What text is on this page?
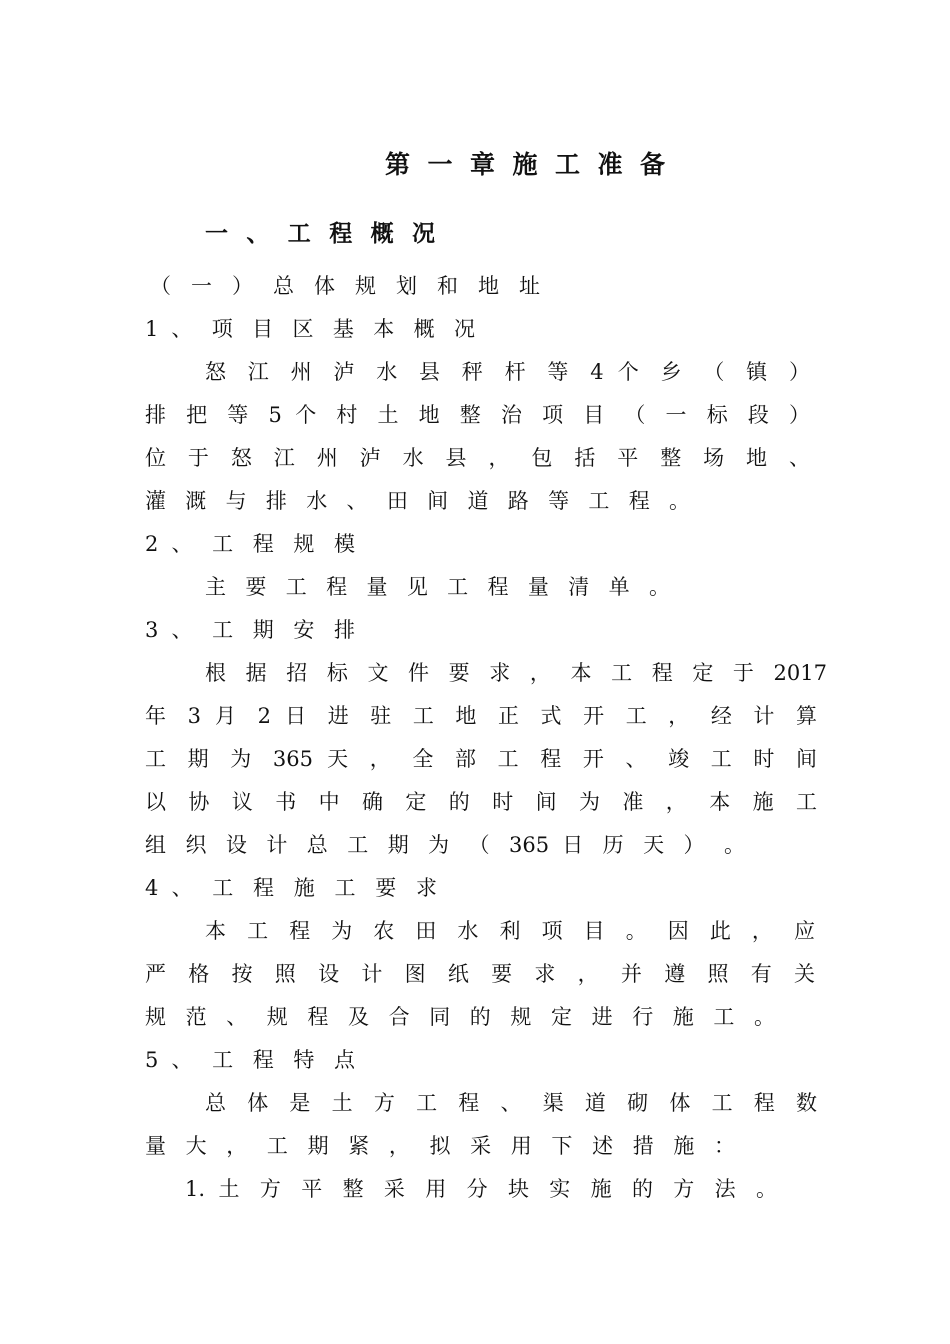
第 一 章 施 工 准 备
一 、 工 程 概 况
（ 一 ） 总 体 规 划 和 地 址
1 、 项 目 区 基 本 概 况
怒 江 州 泸 水 县 秤 杆 等 4 个 乡 （ 镇 ）
排 把 等 5 个 村 土 地 整 治 项 目 （ 一 标 段 ）
位 于 怒 江 州 泸 水 县 ， 包 括 平 整 场 地 、
灌 溉 与 排 水 、 田 间 道 路 等 工 程 。
2 、 工 程 规 模
主 要 工 程 量 见 工 程 量 清 单 。
3 、 工 期 安 排
根 据 招 标 文 件 要 求 ， 本 工 程 定 于 2017
年 3 月 2 日 进 驻 工 地 正 式 开 工 ， 经 计 算
工 期 为 365 天 ， 全 部 工 程 开 、 竣 工 时 间
以 协 议 书 中 确 定 的 时 间 为 准 ， 本 施 工
组 织 设 计 总 工 期 为 （ 365 日 历 天 ） 。
4 、 工 程 施 工 要 求
本 工 程 为 农 田 水 利 项 目 。 因 此 ， 应
严 格 按 照 设 计 图 纸 要 求 ， 并 遵 照 有 关
规 范 、 规 程 及 合 同 的 规 定 进 行 施 工 。
5 、 工 程 特 点
总 体 是 土 方 工 程 、 渠 道 砌 体 工 程 数
量 大 ， 工 期 紧 ， 拟 采 用 下 述 措 施 ：
1. 土 方 平 整 采 用 分 块 实 施 的 方 法 。
